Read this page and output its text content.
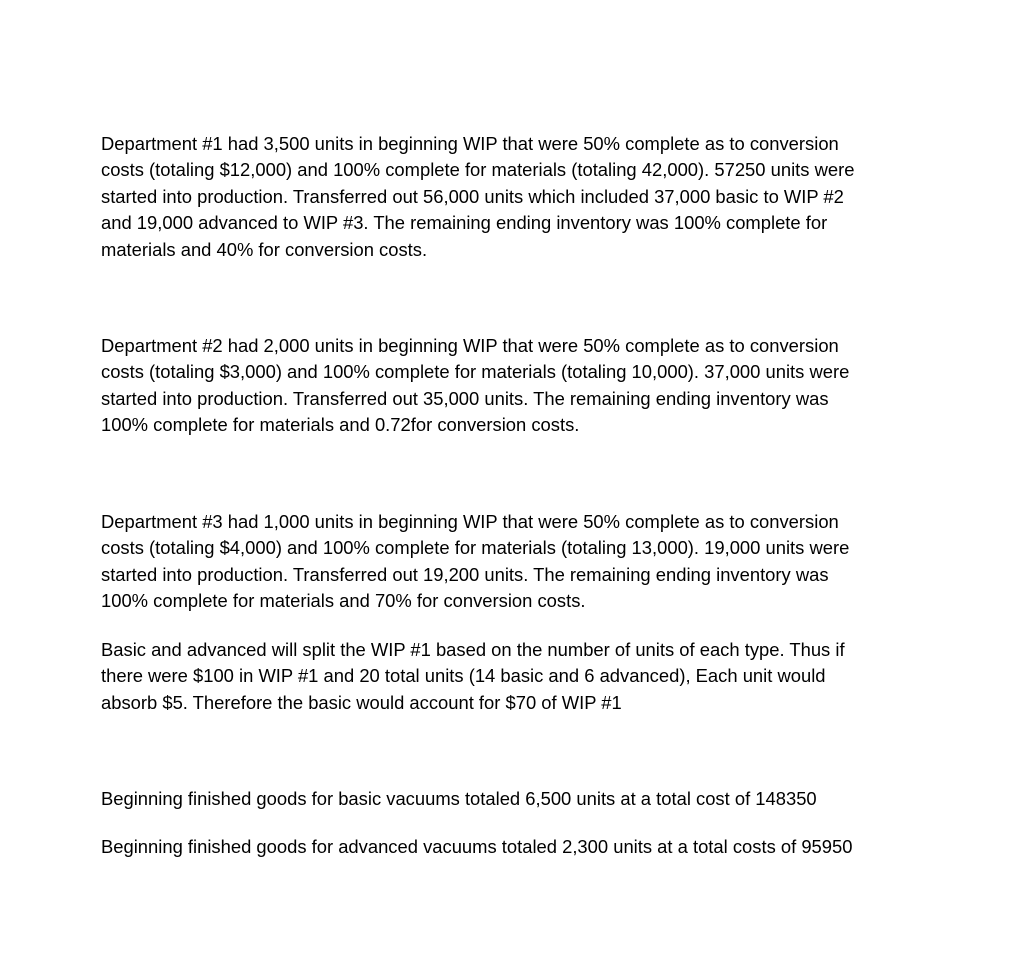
Department #1 had 3,500 units in beginning WIP that were 50% complete as to conversion
costs (totaling $12,000) and 100% complete for materials (totaling 42,000). 57250 units were
started into production. Transferred out 56,000 units which included 37,000 basic to WIP #2
and 19,000 advanced to WIP #3. The remaining ending inventory was 100% complete for
materials and 40% for conversion costs.

Department #2 had 2,000 units in beginning WIP that were 50% complete as to conversion
costs (totaling $3,000) and 100% complete for materials (totaling 10,000). 37,000 units were
started into production. Transferred out 35,000 units. The remaining ending inventory was
100% complete for materials and 0.72for conversion costs.

Department #3 had 1,000 units in beginning WIP that were 50% complete as to conversion
costs (totaling $4,000) and 100% complete for materials (totaling 13,000). 19,000 units were
started into production. Transferred out 19,200 units. The remaining ending inventory was
100% complete for materials and 70% for conversion costs.

Basic and advanced will split the WIP #1 based on the number of units of each type. Thus if
there were $100 in WIP #1 and 20 total units (14 basic and 6 advanced), Each unit would
absorb $5. Therefore the basic would account for $70 of WIP #1

Beginning finished goods for basic vacuums totaled 6,500 units at a total cost of 148350

Beginning finished goods for advanced vacuums totaled 2,300 units at a total costs of 95950
